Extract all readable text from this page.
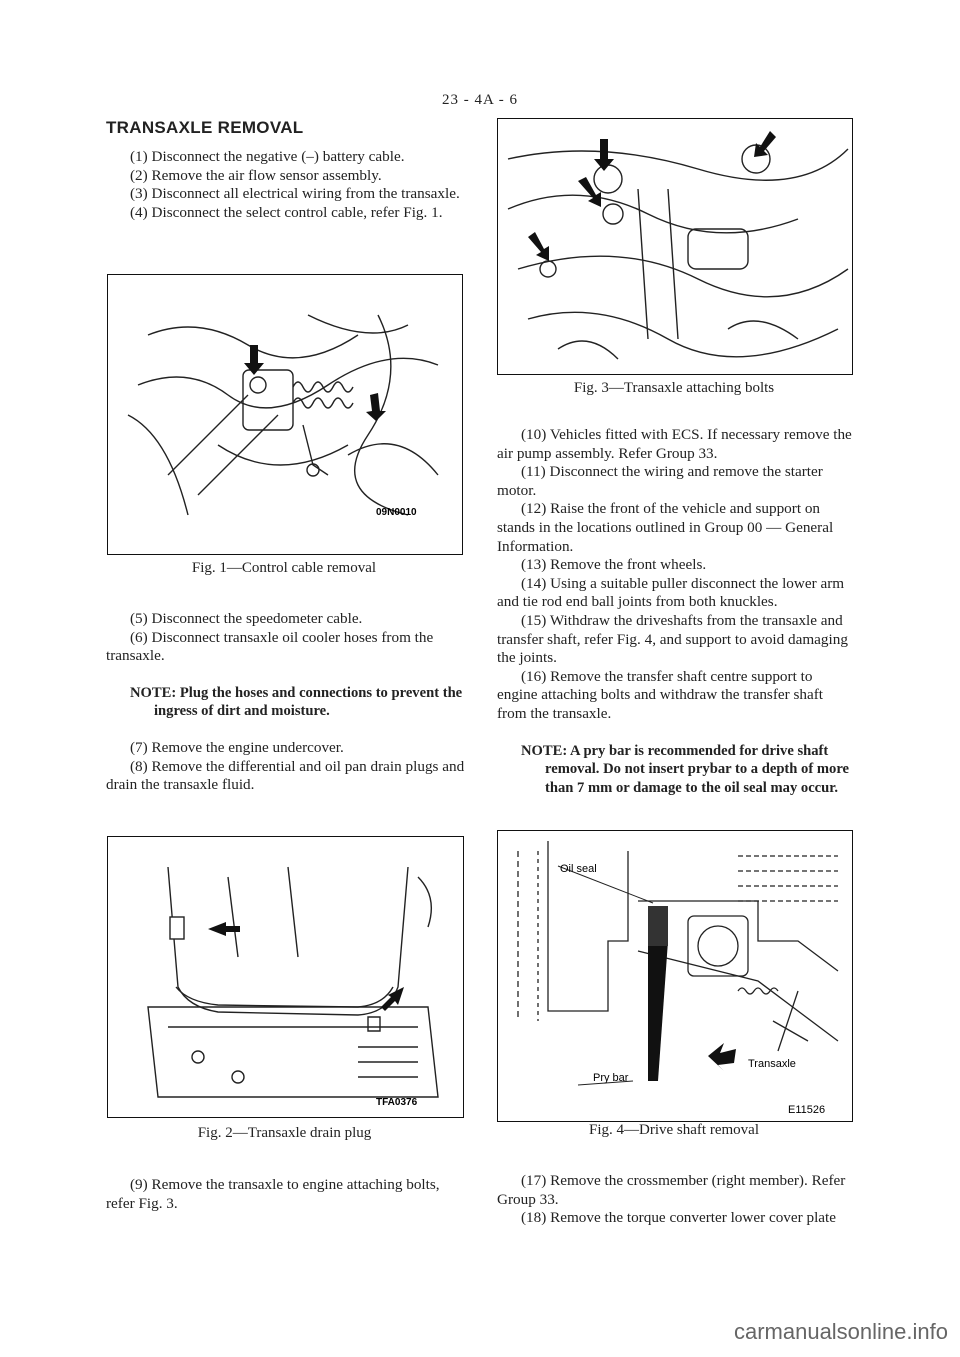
23 - 4A - 6
TRANSAXLE REMOVAL

(1) Disconnect the negative (–) battery cable.

(2) Remove the air flow sensor assembly.

(3) Disconnect all electrical wiring from the transaxle.

(4) Disconnect the select control cable, refer Fig. 1.

09N0010
Fig. 1—Control cable removal

(5) Disconnect the speedometer cable.

(6) Disconnect transaxle oil cooler hoses from the transaxle.

NOTE: Plug the hoses and connections to prevent the ingress of dirt and moisture.

(7) Remove the engine undercover.

(8) Remove the differential and oil pan drain plugs and drain the transaxle fluid.

TFA0376
Fig. 2—Transaxle drain plug

(9) Remove the transaxle to engine attaching bolts, refer Fig. 3.

Fig. 3—Transaxle attaching bolts

(10) Vehicles fitted with ECS. If necessary remove the air pump assembly. Refer Group 33.

(11) Disconnect the wiring and remove the starter motor.

(12) Raise the front of the vehicle and support on stands in the locations outlined in Group 00 — General Information.

(13) Remove the front wheels.

(14) Using a suitable puller disconnect the lower arm and tie rod end ball joints from both knuckles.

(15) Withdraw the driveshafts from the transaxle and transfer shaft, refer Fig. 4, and support to avoid damaging the joints.

(16) Remove the transfer shaft centre support to engine attaching bolts and withdraw the transfer shaft from the transaxle.

NOTE: A pry bar is recommended for drive shaft removal. Do not insert prybar to a depth of more than 7 mm or damage to the oil seal may occur.

Oil seal
Pry bar
Transaxle
E11526
Fig. 4—Drive shaft removal

(17) Remove the crossmember (right member). Refer Group 33.

(18) Remove the torque converter lower cover plate

carmanualsonline.info
